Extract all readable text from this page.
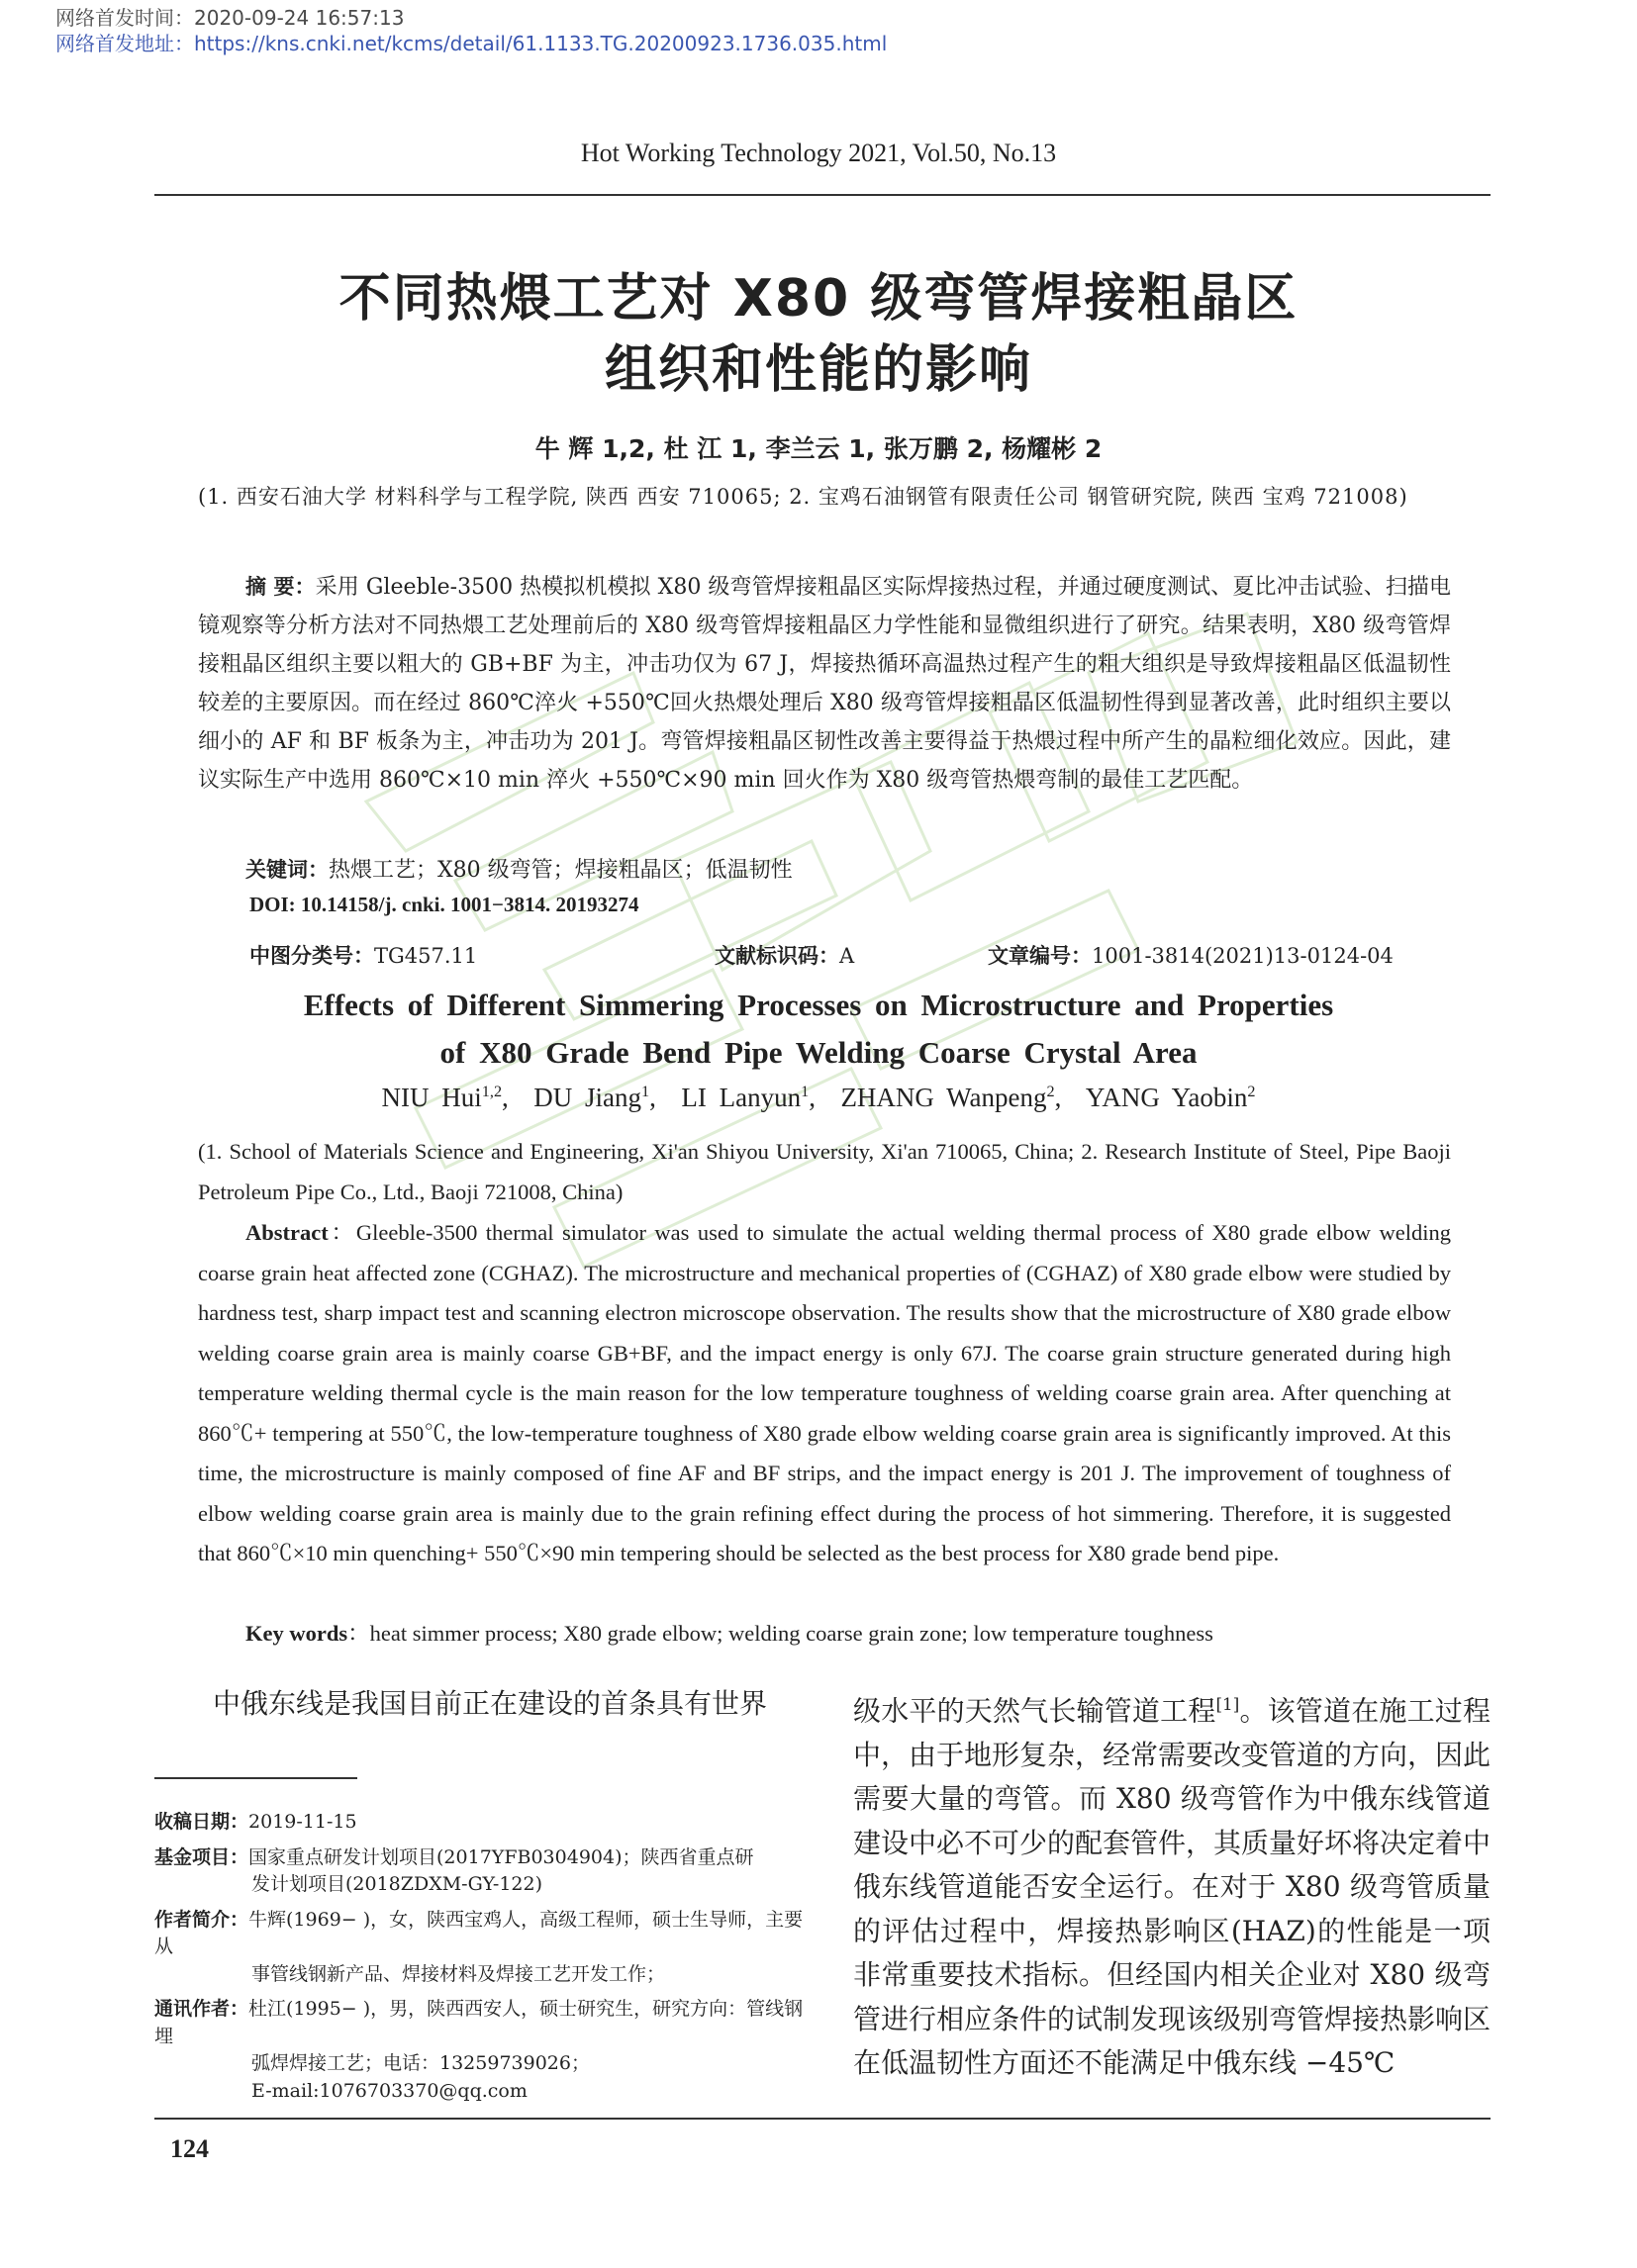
网络首发时间：2020-09-24 16:57:13
网络首发地址：https://kns.cnki.net/kcms/detail/61.1133.TG.20200923.1736.035.html
Hot Working Technology 2021, Vol.50, No.13
不同热煨工艺对 X80 级弯管焊接粗晶区
组织和性能的影响
牛 辉 1,2, 杜 江 1, 李兰云 1, 张万鹏 2, 杨耀彬 2
(1. 西安石油大学 材料科学与工程学院, 陕西 西安 710065; 2. 宝鸡石油钢管有限责任公司 钢管研究院, 陕西 宝鸡 721008)
摘 要：采用 Gleeble-3500 热模拟机模拟 X80 级弯管焊接粗晶区实际焊接热过程，并通过硬度测试、夏比冲击试验、扫描电镜观察等分析方法对不同热煨工艺处理前后的 X80 级弯管焊接粗晶区力学性能和显微组织进行了研究。结果表明，X80 级弯管焊接粗晶区组织主要以粗大的 GB+BF 为主，冲击功仅为 67 J，焊接热循环高温热过程产生的粗大组织是导致焊接粗晶区低温韧性较差的主要原因。而在经过 860℃淬火 +550℃回火热煨处理后 X80 级弯管焊接粗晶区低温韧性得到显著改善，此时组织主要以细小的 AF 和 BF 板条为主，冲击功为 201 J。弯管焊接粗晶区韧性改善主要得益于热煨过程中所产生的晶粒细化效应。因此，建议实际生产中选用 860℃×10 min 淬火 +550℃×90 min 回火作为 X80 级弯管热煨弯制的最佳工艺匹配。
关键词：热煨工艺；X80 级弯管；焊接粗晶区；低温韧性
DOI: 10.14158/j. cnki. 1001−3814. 20193274
中图分类号：TG457.11	文献标识码：A	文章编号：1001-3814(2021)13-0124-04
Effects of Different Simmering Processes on Microstructure and Properties
of X80 Grade Bend Pipe Welding Coarse Crystal Area
NIU Hui$^{1,2}$,  DU Jiang$^1$,  LI Lanyun$^1$,  ZHANG Wanpeng$^2$,  YANG Yaobin$^2$
(1. School of Materials Science and Engineering, Xi'an Shiyou University, Xi'an 710065, China; 2. Research Institute of Steel, Pipe Baoji Petroleum Pipe Co., Ltd., Baoji 721008, China)
Abstract：Gleeble-3500 thermal simulator was used to simulate the actual welding thermal process of X80 grade elbow welding coarse grain heat affected zone (CGHAZ). The microstructure and mechanical properties of (CGHAZ) of X80 grade elbow were studied by hardness test, sharp impact test and scanning electron microscope observation. The results show that the microstructure of X80 grade elbow welding coarse grain area is mainly coarse GB+BF, and the impact energy is only 67J. The coarse grain structure generated during high temperature welding thermal cycle is the main reason for the low temperature toughness of welding coarse grain area. After quenching at 860℃+ tempering at 550℃, the low-temperature toughness of X80 grade elbow welding coarse grain area is significantly improved. At this time, the microstructure is mainly composed of fine AF and BF strips, and the impact energy is 201 J. The improvement of toughness of elbow welding coarse grain area is mainly due to the grain refining effect during the process of hot simmering. Therefore, it is suggested that 860℃×10 min quenching+ 550℃×90 min tempering should be selected as the best process for X80 grade bend pipe.
Key words：heat simmer process; X80 grade elbow; welding coarse grain zone; low temperature toughness
中俄东线是我国目前正在建设的首条具有世界	级水平的天然气长输管道工程[1]。该管道在施工过程中，由于地形复杂，经常需要改变管道的方向，因此需要大量的弯管。而 X80 级弯管作为中俄东线管道建设中必不可少的配套管件，其质量好坏将决定着中俄东线管道能否安全运行。在对于 X80 级弯管质量的评估过程中，焊接热影响区(HAZ)的性能是一项非常重要技术指标。但经国内相关企业对 X80 级弯管进行相应条件的试制发现该级别弯管焊接热影响区在低温韧性方面还不能满足中俄东线 −45℃
收稿日期：2019-11-15
基金项目：国家重点研发计划项目(2017YFB0304904)；陕西省重点研
发计划项目(2018ZDXM-GY-122)
作者简介：牛辉(1969− )，女，陕西宝鸡人，高级工程师，硕士生导师，主要从
事管线钢新产品、焊接材料及焊接工艺开发工作；
通讯作者：杜江(1995− )，男，陕西西安人，硕士研究生，研究方向：管线钢埋
弧焊焊接工艺；电话：13259739026；
E-mail:1076703370@qq.com
124
